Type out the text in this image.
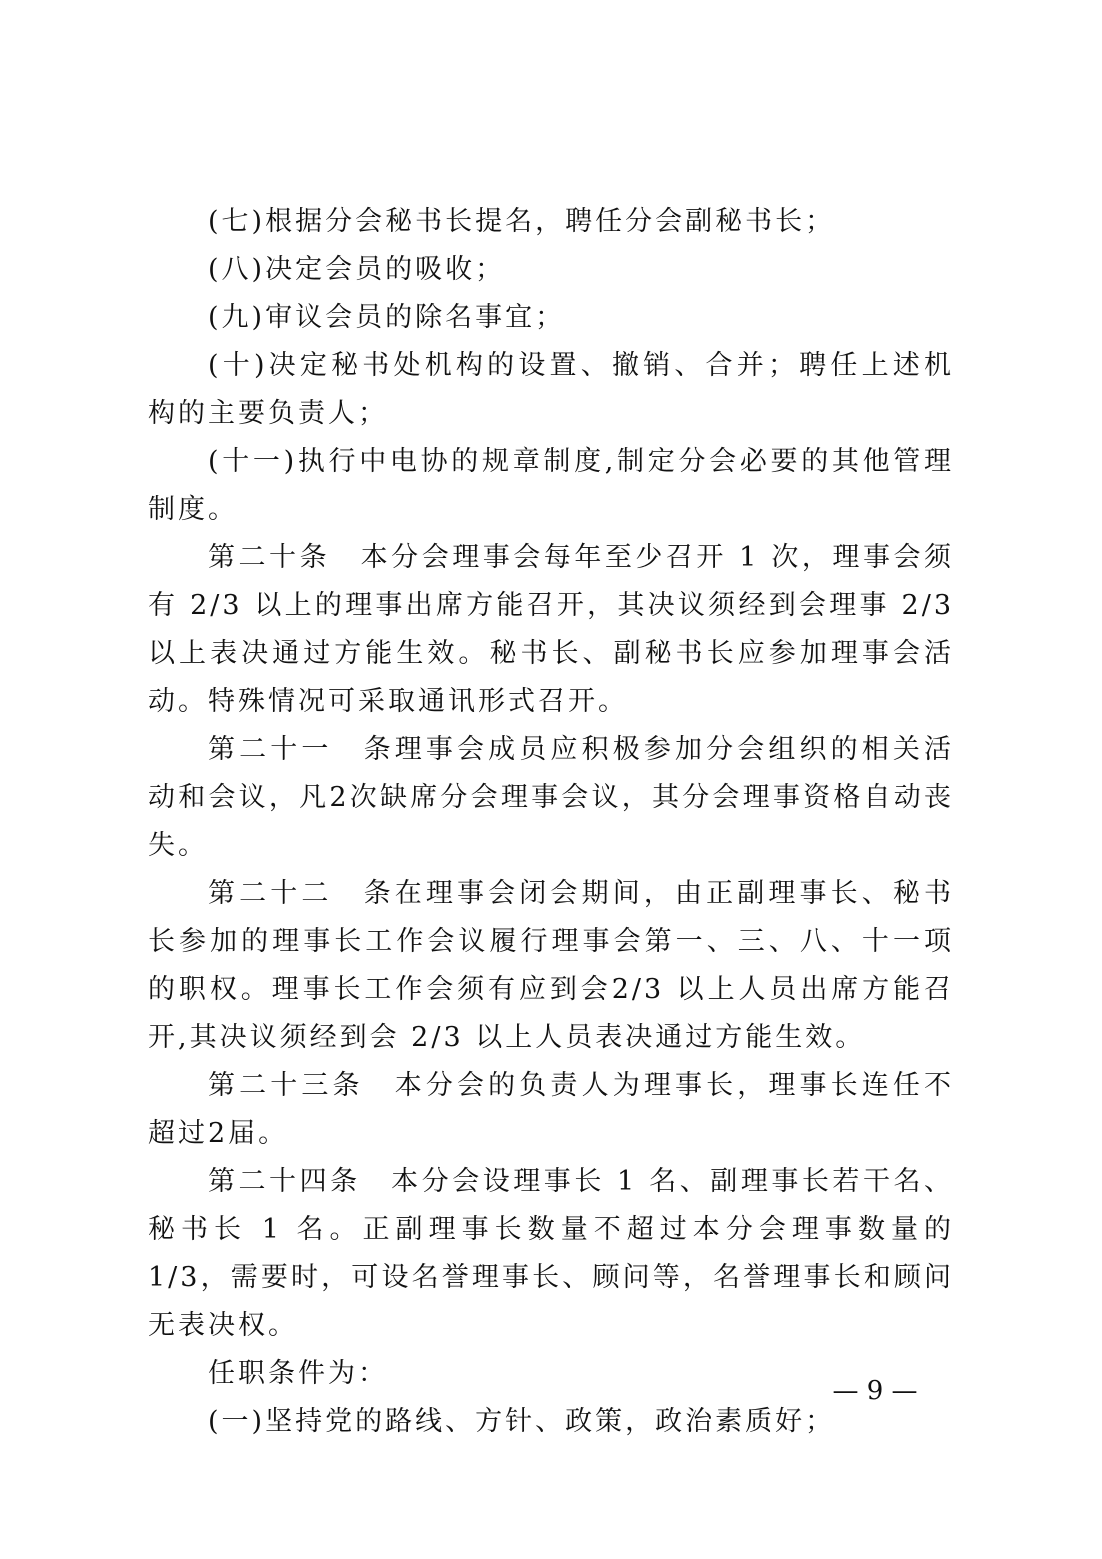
(七)根据分会秘书长提名，聘任分会副秘书长；

(八)决定会员的吸收；

(九)审议会员的除名事宜；

(十)决定秘书处机构的设置、撤销、合并；聘任上述机构的主要负责人；

(十一)执行中电协的规章制度,制定分会必要的其他管理制度。

第二十条　本分会理事会每年至少召开 1 次，理事会须有 2/3 以上的理事出席方能召开，其决议须经到会理事 2/3 以上表决通过方能生效。秘书长、副秘书长应参加理事会活动。特殊情况可采取通讯形式召开。

第二十一　条理事会成员应积极参加分会组织的相关活动和会议，凡2次缺席分会理事会议，其分会理事资格自动丧失。

第二十二　条在理事会闭会期间，由正副理事长、秘书长参加的理事长工作会议履行理事会第一、三、八、十一项的职权。理事长工作会须有应到会2/3 以上人员出席方能召开,其决议须经到会 2/3 以上人员表决通过方能生效。

第二十三条　本分会的负责人为理事长，理事长连任不超过2届。

第二十四条　本分会设理事长 1 名、副理事长若干名、秘书长 1 名。正副理事长数量不超过本分会理事数量的 1/3，需要时，可设名誉理事长、顾问等，名誉理事长和顾问无表决权。

任职条件为：

(一)坚持党的路线、方针、政策，政治素质好；

— 9 —
